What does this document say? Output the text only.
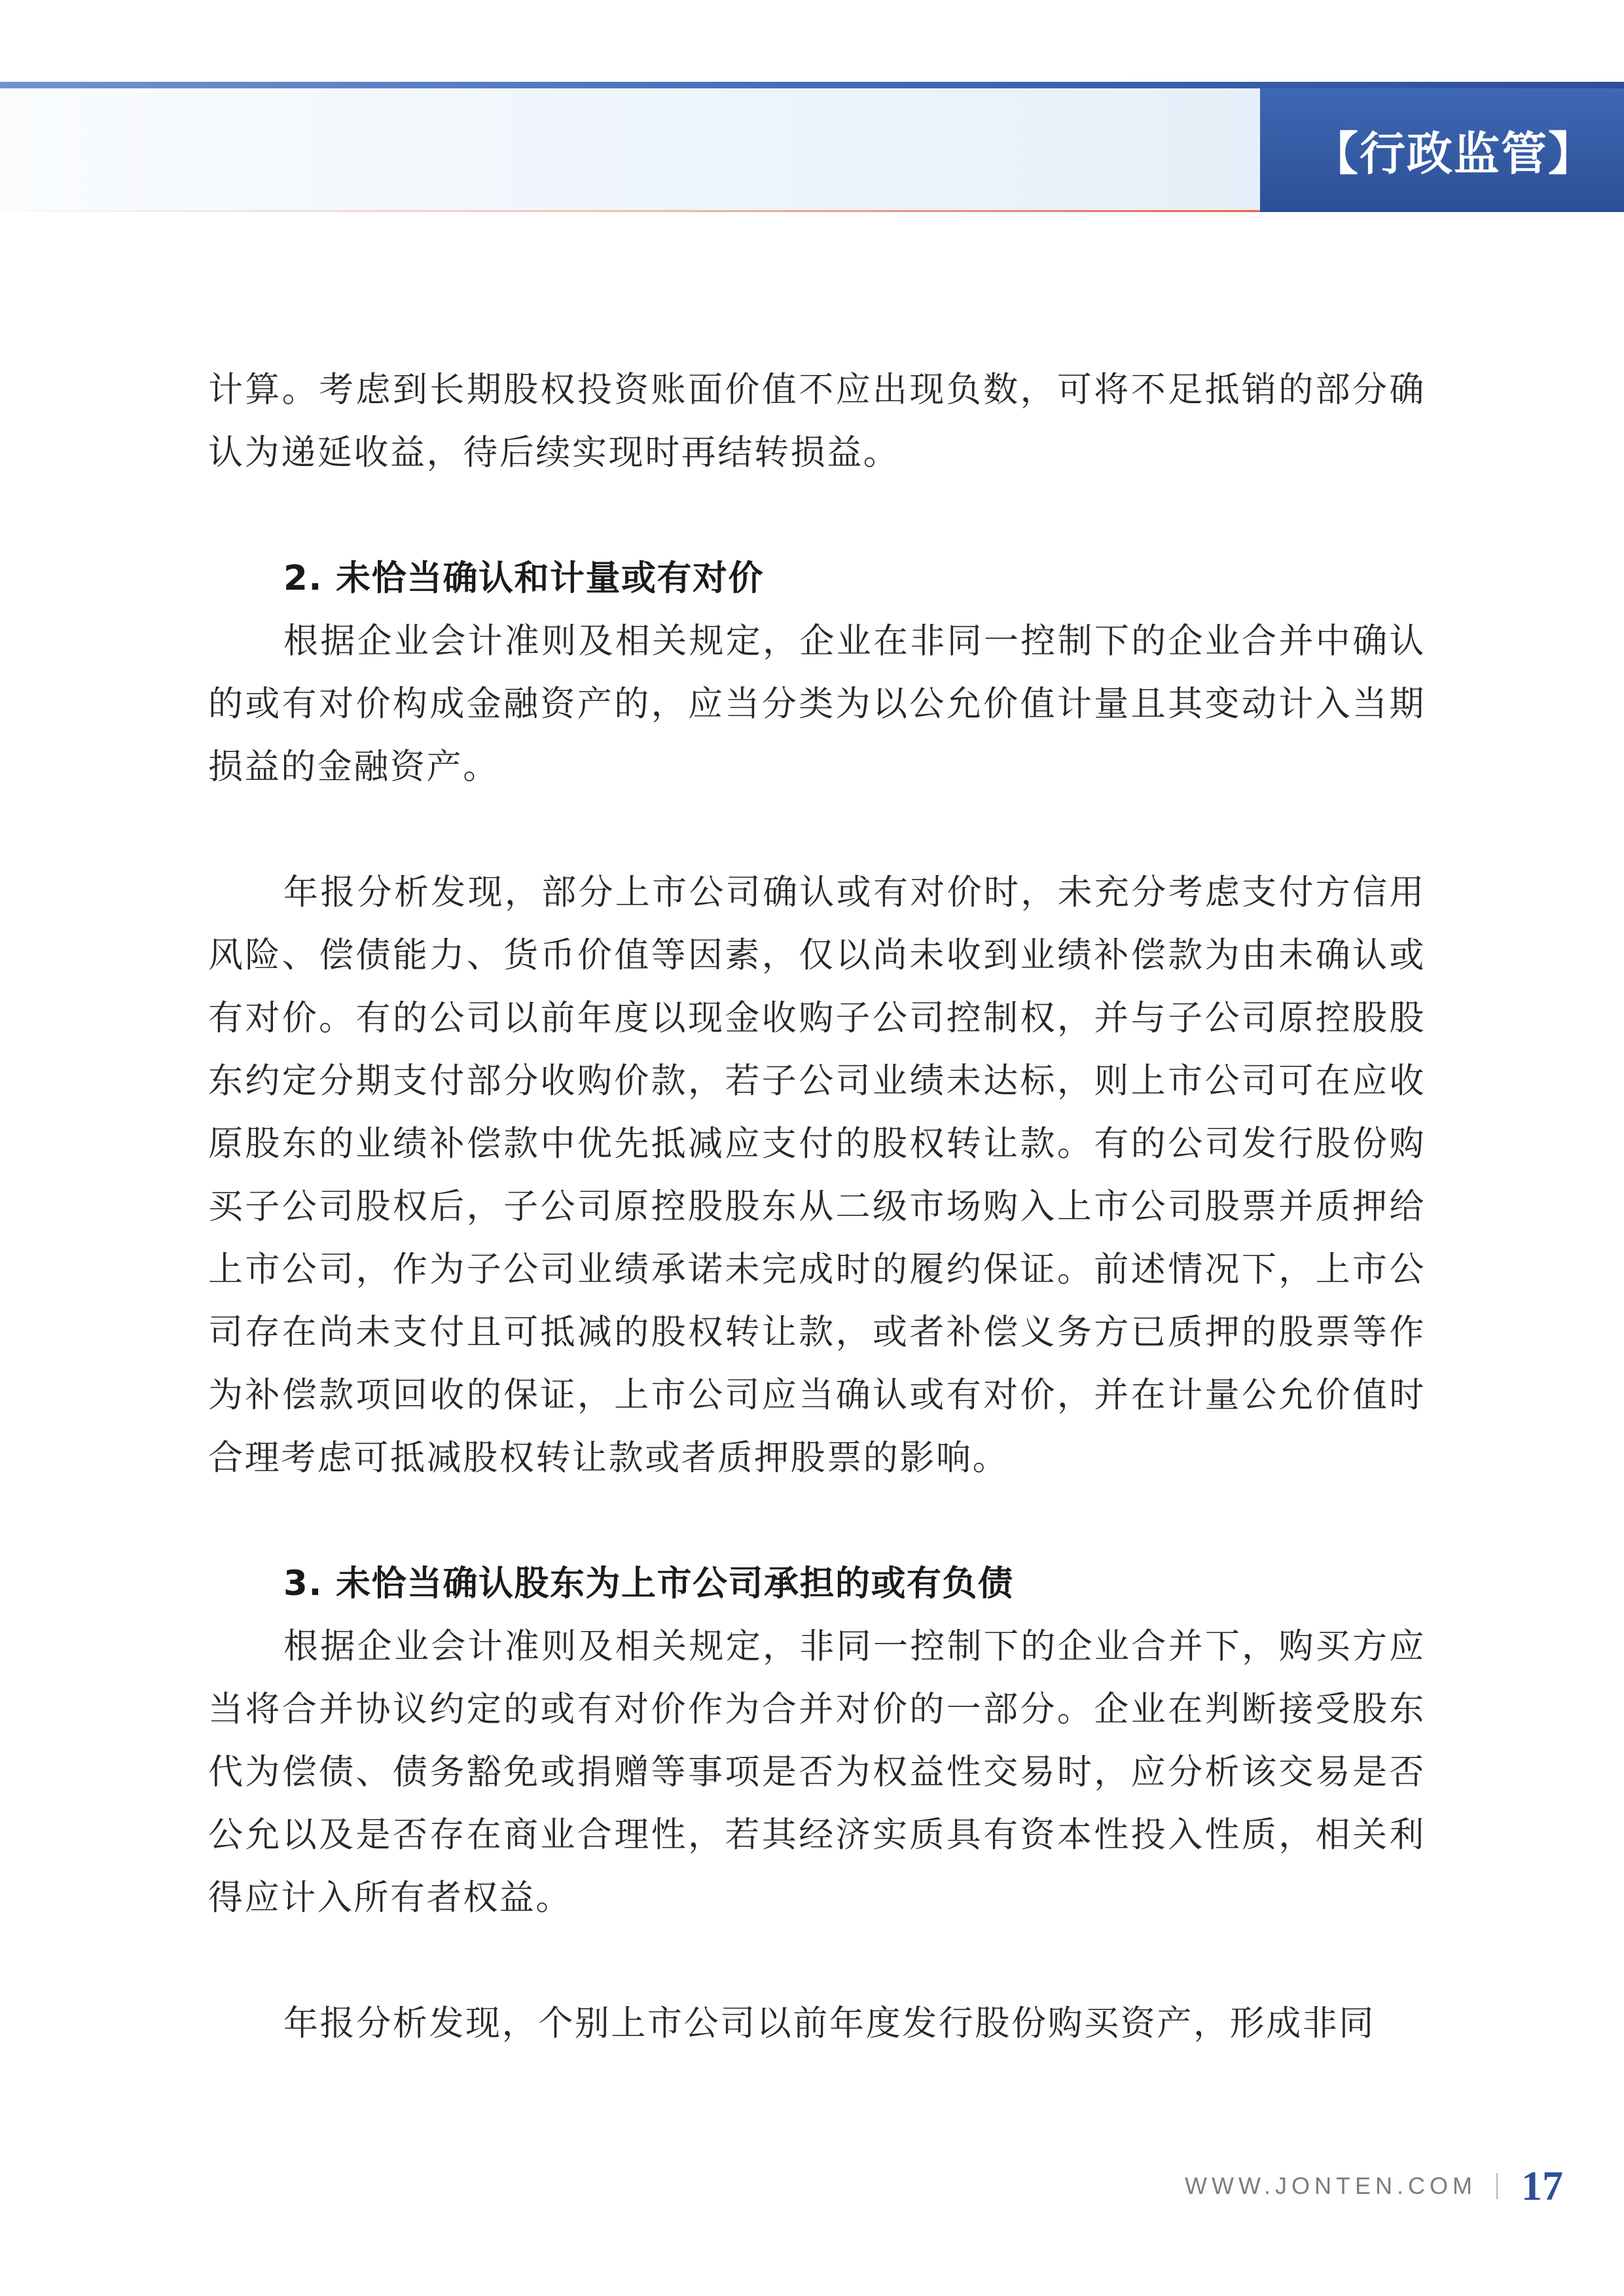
【行政监管】

计算。考虑到长期股权投资账面价值不应出现负数，可将不足抵销的部分确认为递延收益，待后续实现时再结转损益。

2. 未恰当确认和计量或有对价

根据企业会计准则及相关规定，企业在非同一控制下的企业合并中确认的或有对价构成金融资产的，应当分类为以公允价值计量且其变动计入当期损益的金融资产。

年报分析发现，部分上市公司确认或有对价时，未充分考虑支付方信用风险、偿债能力、货币价值等因素，仅以尚未收到业绩补偿款为由未确认或有对价。有的公司以前年度以现金收购子公司控制权，并与子公司原控股股东约定分期支付部分收购价款，若子公司业绩未达标，则上市公司可在应收原股东的业绩补偿款中优先抵减应支付的股权转让款。有的公司发行股份购买子公司股权后，子公司原控股股东从二级市场购入上市公司股票并质押给上市公司，作为子公司业绩承诺未完成时的履约保证。前述情况下，上市公司存在尚未支付且可抵减的股权转让款，或者补偿义务方已质押的股票等作为补偿款项回收的保证，上市公司应当确认或有对价，并在计量公允价值时合理考虑可抵减股权转让款或者质押股票的影响。

3. 未恰当确认股东为上市公司承担的或有负债

根据企业会计准则及相关规定，非同一控制下的企业合并下，购买方应当将合并协议约定的或有对价作为合并对价的一部分。企业在判断接受股东代为偿债、债务豁免或捐赠等事项是否为权益性交易时，应分析该交易是否公允以及是否存在商业合理性，若其经济实质具有资本性投入性质，相关利得应计入所有者权益。

年报分析发现，个别上市公司以前年度发行股份购买资产，形成非同

WWW.JONTEN.COM 17
